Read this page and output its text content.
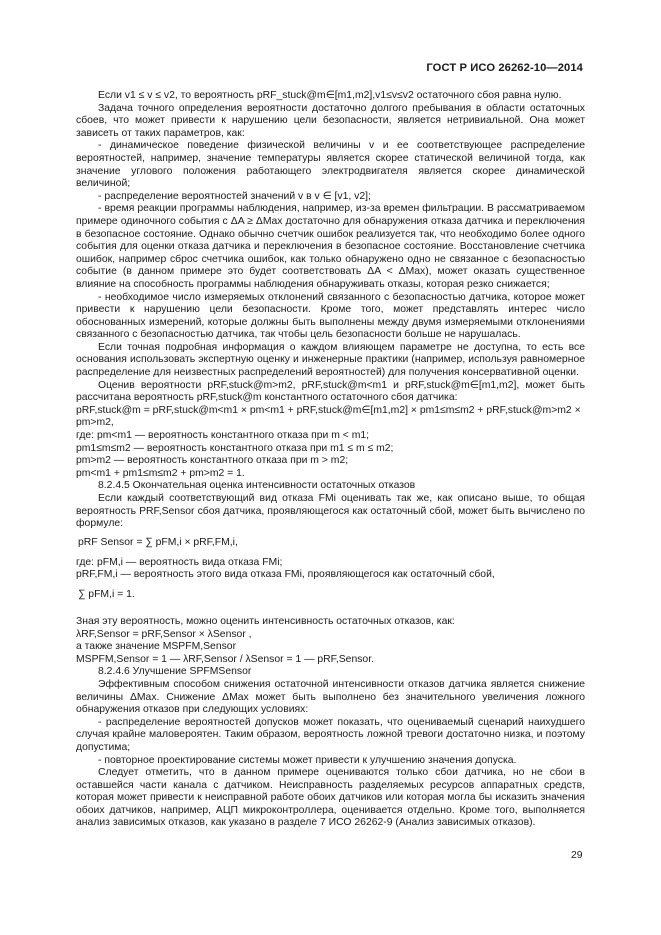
ГОСТ Р ИСО 26262-10—2014
Если v1 ≤ v ≤ v2, то вероятность pRF_stuck@m∈[m1,m2],v1≤v≤v2 остаточного сбоя равна нулю.
Задача точного определения вероятности достаточно долгого пребывания в области остаточных сбоев, что может привести к нарушению цели безопасности, является нетривиальной. Она может зависеть от таких параметров, как:
- динамическое поведение физической величины v и ее соответствующее распределение вероятностей, например, значение температуры является скорее статической величиной тогда, как значение углового положения работающего электродвигателя является скорее динамической величиной;
- распределение вероятностей значений v в v ∈ [v1, v2];
- время реакции программы наблюдения, например, из-за времен фильтрации. В рассматриваемом примере одиночного события с ΔA ≥ ΔMax достаточно для обнаружения отказа датчика и переключения в безопасное состояние. Однако обычно счетчик ошибок реализуется так, что необходимо более одного события для оценки отказа датчика и переключения в безопасное состояние. Восстановление счетчика ошибок, например сброс счетчика ошибок, как только обнаружено одно не связанное с безопасностью событие (в данном примере это будет соответствовать ΔA < ΔMax), может оказать существенное влияние на способность программы наблюдения обнаруживать отказы, которая резко снижается;
- необходимое число измеряемых отклонений связанного с безопасностью датчика, которое может привести к нарушению цели безопасности. Кроме того, может представлять интерес число обоснованных измерений, которые должны быть выполнены между двумя измеряемыми отклонениями связанного с безопасностью датчика, так чтобы цель безопасности больше не нарушалась.
Если точная подробная информация о каждом влияющем параметре не доступна, то есть все основания использовать экспертную оценку и инженерные практики (например, используя равномерное распределение для неизвестных распределений вероятностей) для получения консервативной оценки.
Оценив вероятности pRF,stuck@m>m2, pRF,stuck@m<m1 и pRF,stuck@m∈[m1,m2], может быть рассчитана вероятность pRF,stuck@m константного остаточного сбоя датчика:
pRF,stuck@m = pRF,stuck@m<m1 × pm<m1 + pRF,stuck@m∈[m1,m2] × pm1≤m≤m2 + pRF,stuck@m>m2 × pm>m2,
где: pm<m1 — вероятность константного отказа при m < m1;
pm1≤m≤m2 — вероятность константного отказа при m1 ≤ m ≤ m2;
pm>m2 — вероятность константного отказа при m > m2;
pm<m1 + pm1≤m≤m2 + pm>m2 = 1.
8.2.4.5 Окончательная оценка интенсивности остаточных отказов
Если каждый соответствующий вид отказа FMi оценивать так же, как описано выше, то общая вероятность PRF,Sensor сбоя датчика, проявляющегося как остаточный сбой, может быть вычислено по формуле:
pRF Sensor = ∑ pFM,i × pRF,FM,i,
где: pFM,i — вероятность вида отказа FMi;
pRF,FM,i — вероятность этого вида отказа FMi, проявляющегося как остаточный сбой,
∑ pFM,i = 1.
Зная эту вероятность, можно оценить интенсивность остаточных отказов, как:
λRF,Sensor = pRF,Sensor × λSensor ,
а также значение MSPFM,Sensor
MSPFM,Sensor = 1 — λRF,Sensor / λSensor = 1 — pRF,Sensor.
8.2.4.6 Улучшение SPFMSensor
Эффективным способом снижения остаточной интенсивности отказов датчика является снижение величины ΔMax. Снижение ΔMax может быть выполнено без значительного увеличения ложного обнаружения отказов при следующих условиях:
- распределение вероятностей допусков может показать, что оцениваемый сценарий наихудшего случая крайне маловероятен. Таким образом, вероятность ложной тревоги достаточно низка, и поэтому допустима;
- повторное проектирование системы может привести к улучшению значения допуска.
Следует отметить, что в данном примере оцениваются только сбои датчика, но не сбои в оставшейся части канала с датчиком. Неисправность разделяемых ресурсов аппаратных средств, которая может привести к неисправной работе обоих датчиков или которая могла бы исказить значения обоих датчиков, например, АЦП микроконтроллера, оценивается отдельно. Кроме того, выполняется анализ зависимых отказов, как указано в разделе 7 ИСО 26262-9 (Анализ зависимых отказов).
29
